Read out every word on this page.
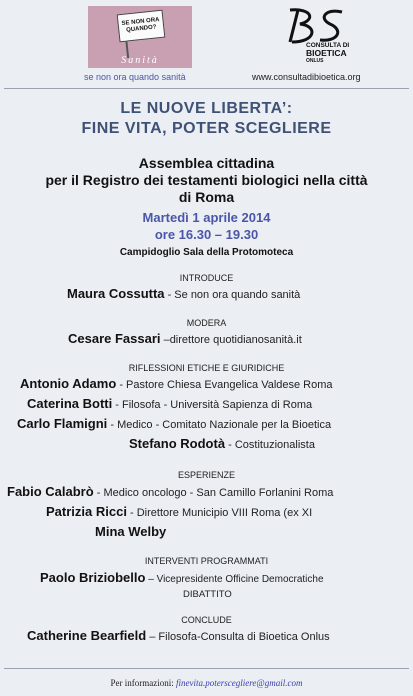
SE NON ORA QUANDO?
Sanità
se non ora quando sanità
CONSULTA DI
BIOETICA
ONLUS
www.consultadibioetica.org
LE NUOVE LIBERTA’:
FINE VITA, POTER SCEGLIERE
Assemblea cittadina
per il Registro dei testamenti biologici nella città
di Roma
Martedì 1 aprile 2014
ore 16.30 – 19.30
Campidoglio Sala della Protomoteca
INTRODUCE
Maura Cossutta - Se non ora quando sanità
MODERA
Cesare Fassari –direttore quotidianosanità.it
RIFLESSIONI ETICHE E GIURIDICHE
Antonio Adamo - Pastore Chiesa Evangelica Valdese Roma
Caterina Botti - Filosofa - Università Sapienza di Roma
Carlo Flamigni - Medico - Comitato Nazionale per la Bioetica
Stefano Rodotà - Costituzionalista
ESPERIENZE
Fabio Calabrò - Medico oncologo - San Camillo Forlanini Roma
Patrizia Ricci - Direttore Municipio VIII Roma (ex XI
Mina Welby
INTERVENTI PROGRAMMATI
Paolo Briziobello – Vicepresidente Officine Democratiche
DIBATTITO
CONCLUDE
Catherine Bearfield – Filosofa-Consulta di Bioetica Onlus
Per informazioni: finevita.poterscegliere@gmail.com
